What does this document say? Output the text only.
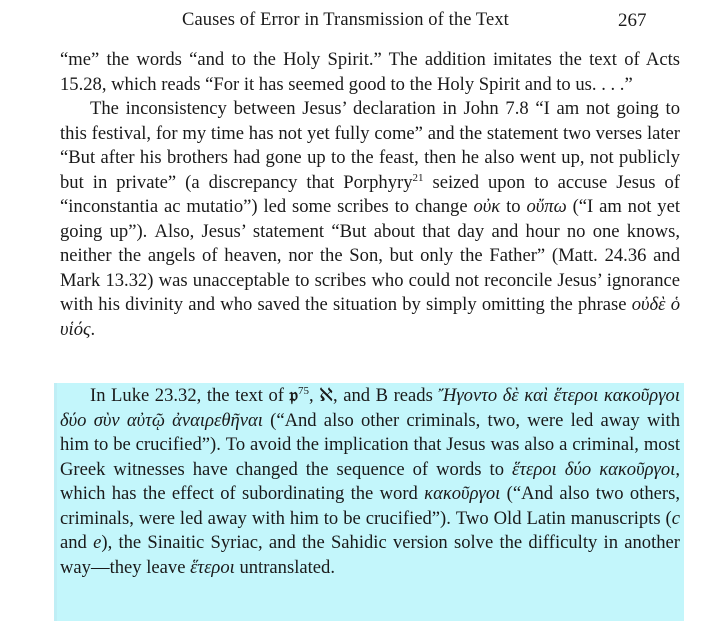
Causes of Error in Transmission of the Text	267

“me” the words “and to the Holy Spirit.” The addition imitates the text of Acts 15.28, which reads “For it has seemed good to the Holy Spirit and to us. . . .”

The inconsistency between Jesus’ declaration in John 7.8 “I am not going to this festival, for my time has not yet fully come” and the statement two verses later “But after his brothers had gone up to the feast, then he also went up, not publicly but in private” (a discrepancy that Porphyry$^{21}$ seized upon to accuse Jesus of “inconstantia ac mutatio”) led some scribes to change οὐκ to οὔπω (“I am not yet going up”). Also, Jesus’ statement “But about that day and hour no one knows, neither the angels of heaven, nor the Son, but only the Father” (Matt. 24.36 and Mark 13.32) was unacceptable to scribes who could not reconcile Jesus’ ignorance with his divinity and who saved the situation by simply omitting the phrase οὐδὲ ὁ υἱός.

In Luke 23.32, the text of 𝔭$^{75}$, ℵ, and B reads Ἤγοντο δὲ καὶ ἕτεροι κακοῦργοι δύο σὺν αὐτῷ ἀναιρεθῆναι (“And also other criminals, two, were led away with him to be crucified”). To avoid the implication that Jesus was also a criminal, most Greek witnesses have changed the sequence of words to ἕτεροι δύο κακοῦργοι, which has the effect of subordinating the word κακοῦργοι (“And also two others, criminals, were led away with him to be crucified”). Two Old Latin manuscripts (c and e), the Sinaitic Syriac, and the Sahidic version solve the difficulty in another way—they leave ἕτεροι untranslated.
